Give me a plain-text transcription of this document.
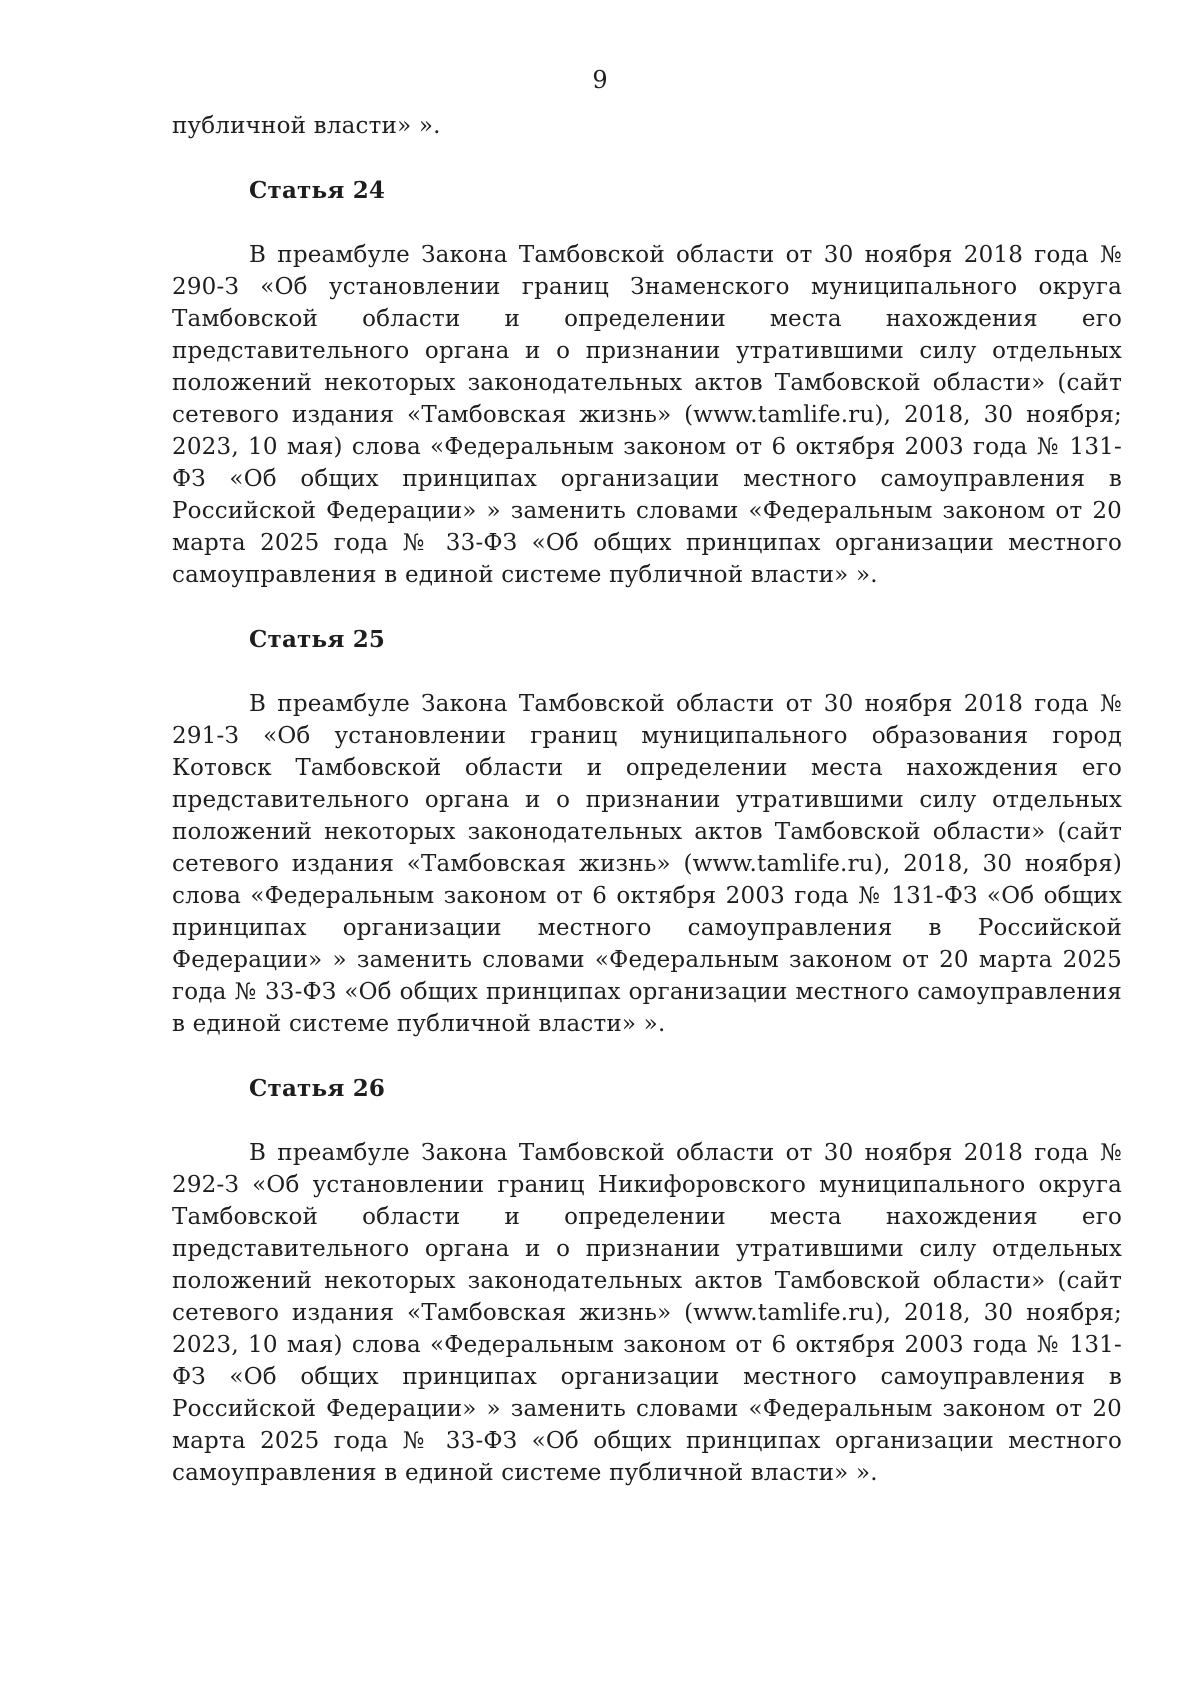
9

публичной власти» ».

Статья 24

В преамбуле Закона Тамбовской области от 30 ноября 2018 года № 290-З «Об установлении границ Знаменского муниципального округа Тамбовской области и определении места нахождения его представительного органа и о признании утратившими силу отдельных положений некоторых законодательных актов Тамбовской области» (сайт сетевого издания «Тамбовская жизнь» (www.tamlife.ru), 2018, 30 ноября; 2023, 10 мая) слова «Федеральным законом от 6 октября 2003 года № 131-ФЗ «Об общих принципах организации местного самоуправления в Российской Федерации» » заменить словами «Федеральным законом от 20 марта 2025 года № 33-ФЗ «Об общих принципах организации местного самоуправления в единой системе публичной власти» ».

Статья 25

В преамбуле Закона Тамбовской области от 30 ноября 2018 года № 291-З «Об установлении границ муниципального образования город Котовск Тамбовской области и определении места нахождения его представительного органа и о признании утратившими силу отдельных положений некоторых законодательных актов Тамбовской области» (сайт сетевого издания «Тамбовская жизнь» (www.tamlife.ru), 2018, 30 ноября) слова «Федеральным законом от 6 октября 2003 года № 131-ФЗ «Об общих принципах организации местного самоуправления в Российской Федерации» » заменить словами «Федеральным законом от 20 марта 2025 года № 33-ФЗ «Об общих принципах организации местного самоуправления в единой системе публичной власти» ».

Статья 26

В преамбуле Закона Тамбовской области от 30 ноября 2018 года № 292-З «Об установлении границ Никифоровского муниципального округа Тамбовской области и определении места нахождения его представительного органа и о признании утратившими силу отдельных положений некоторых законодательных актов Тамбовской области» (сайт сетевого издания «Тамбовская жизнь» (www.tamlife.ru), 2018, 30 ноября; 2023, 10 мая) слова «Федеральным законом от 6 октября 2003 года № 131-ФЗ «Об общих принципах организации местного самоуправления в Российской Федерации» » заменить словами «Федеральным законом от 20 марта 2025 года № 33-ФЗ «Об общих принципах организации местного самоуправления в единой системе публичной власти» ».
